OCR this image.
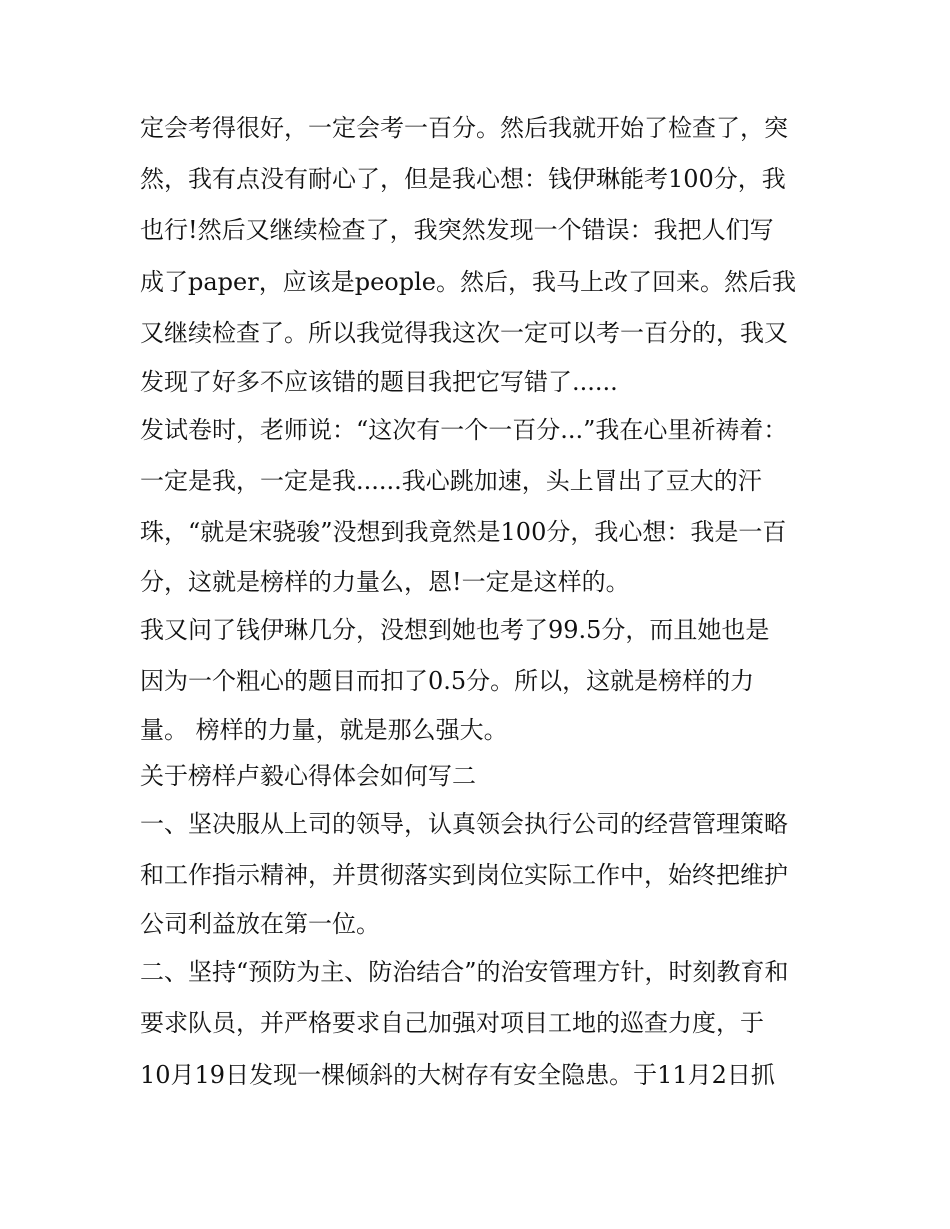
定会考得很好，一定会考一百分。然后我就开始了检查了，突
然，我有点没有耐心了，但是我心想：钱伊琳能考100分，我
也行!然后又继续检查了，我突然发现一个错误：我把人们写
成了paper，应该是people。然后，我马上改了回来。然后我
又继续检查了。所以我觉得我这次一定可以考一百分的，我又
发现了好多不应该错的题目我把它写错了......
发试卷时，老师说：“这次有一个一百分...”我在心里祈祷着：
一定是我，一定是我......我心跳加速，头上冒出了豆大的汗
珠，“就是宋骁骏”没想到我竟然是100分，我心想：我是一百
分，这就是榜样的力量么，恩!一定是这样的。
我又问了钱伊琳几分，没想到她也考了99.5分，而且她也是
因为一个粗心的题目而扣了0.5分。所以，这就是榜样的力
量。 榜样的力量，就是那么强大。
关于榜样卢毅心得体会如何写二
一、坚决服从上司的领导，认真领会执行公司的经营管理策略
和工作指示精神，并贯彻落实到岗位实际工作中，始终把维护
公司利益放在第一位。
二、坚持“预防为主、防治结合”的治安管理方针，时刻教育和
要求队员，并严格要求自己加强对项目工地的巡查力度，于
10月19日发现一棵倾斜的大树存有安全隐患。于11月2日抓
